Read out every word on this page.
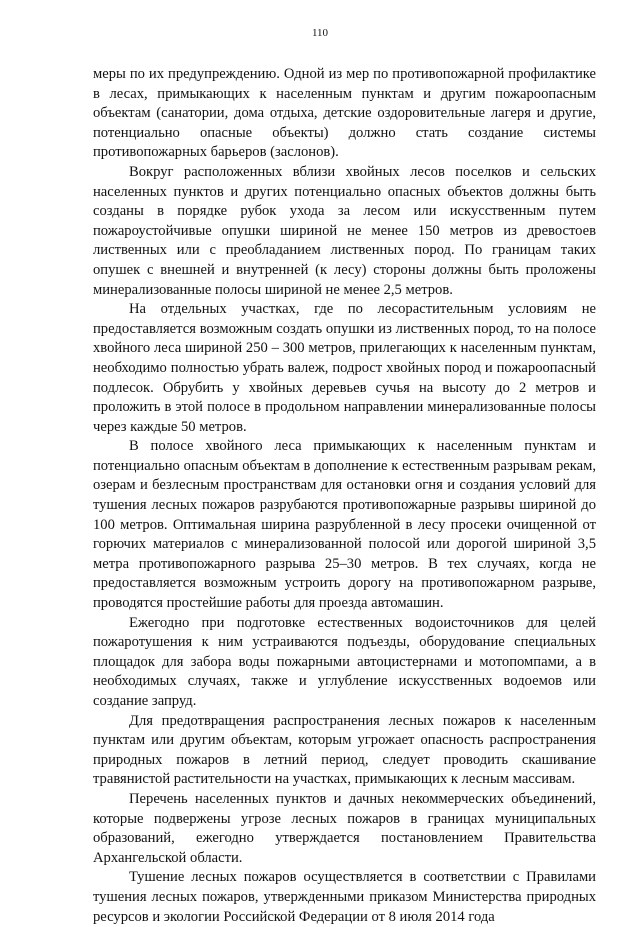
110

меры по их предупреждению. Одной из мер по противопожарной профилактике в лесах, примыкающих к населенным пунктам и другим пожароопасным объектам (санатории, дома отдыха, детские оздоровительные лагеря и другие, потенциально опасные объекты) должно стать создание системы противопожарных барьеров (заслонов).

Вокруг расположенных вблизи хвойных лесов поселков и сельских населенных пунктов и других потенциально опасных объектов должны быть созданы в порядке рубок ухода за лесом или искусственным путем пожароустойчивые опушки шириной не менее 150 метров из древостоев лиственных или с преобладанием лиственных пород. По границам таких опушек с внешней и внутренней (к лесу) стороны должны быть проложены минерализованные полосы шириной не менее 2,5 метров.

На отдельных участках, где по лесорастительным условиям не предоставляется возможным создать опушки из лиственных пород, то на полосе хвойного леса шириной 250 – 300 метров, прилегающих к населенным пунктам, необходимо полностью убрать валеж, подрост хвойных пород и пожароопасный подлесок. Обрубить у хвойных деревьев сучья на высоту до 2 метров и проложить в этой полосе в продольном направлении минерализованные полосы через каждые 50 метров.

В полосе хвойного леса примыкающих к населенным пунктам и потенциально опасным объектам в дополнение к естественным разрывам рекам, озерам и безлесным пространствам для остановки огня и создания условий для тушения лесных пожаров разрубаются противопожарные разрывы шириной до 100 метров. Оптимальная ширина разрубленной в лесу просеки очищенной от горючих материалов с минерализованной полосой или дорогой шириной 3,5 метра противопожарного разрыва 25–30 метров. В тех случаях, когда не предоставляется возможным устроить дорогу на противопожарном разрыве, проводятся простейшие работы для проезда автомашин.

Ежегодно при подготовке естественных водоисточников для целей пожаротушения к ним устраиваются подъезды, оборудование специальных площадок для забора воды пожарными автоцистернами и мотопомпами, а в необходимых случаях, также и углубление искусственных водоемов или создание запруд.

Для предотвращения распространения лесных пожаров к населенным пунктам или другим объектам, которым угрожает опасность распространения природных пожаров в летний период, следует проводить скашивание травянистой растительности на участках, примыкающих к лесным массивам.

Перечень населенных пунктов и дачных некоммерческих объединений, которые подвержены угрозе лесных пожаров в границах муниципальных образований, ежегодно утверждается постановлением Правительства Архангельской области.

Тушение лесных пожаров осуществляется в соответствии с Правилами тушения лесных пожаров, утвержденными приказом Министерства природных ресурсов и экологии Российской Федерации от 8 июля 2014 года
